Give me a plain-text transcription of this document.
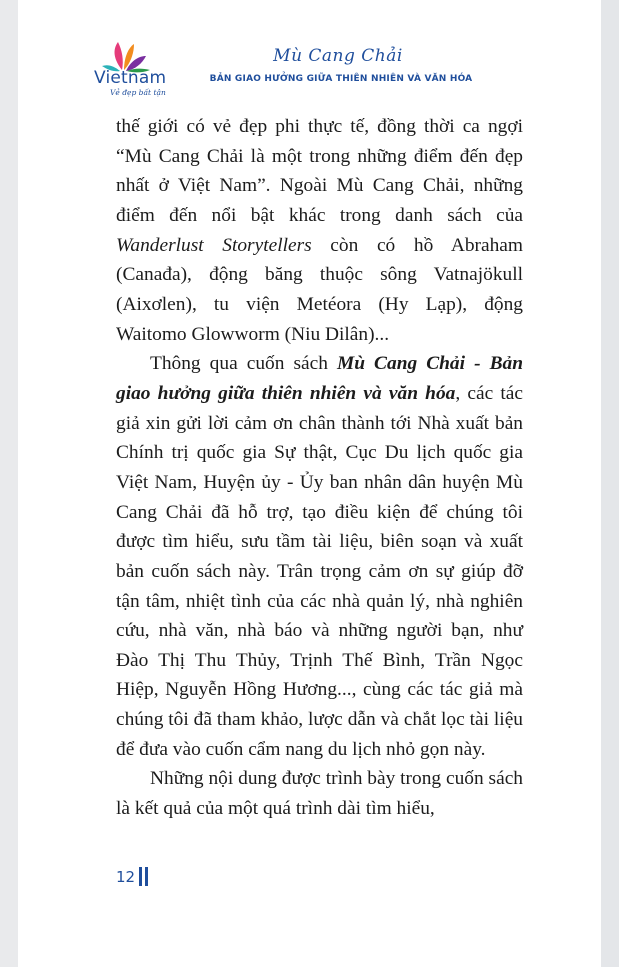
Vietnam
Vẻ đẹp bất tận
Mù Cang Chải
BẢN GIAO HƯỞNG GIỮA THIÊN NHIÊN VÀ VĂN HÓA

thế giới có vẻ đẹp phi thực tế, đồng thời ca ngợi “Mù Cang Chải là một trong những điểm đến đẹp nhất ở Việt Nam”. Ngoài Mù Cang Chải, những điểm đến nổi bật khác trong danh sách của Wanderlust Storytellers còn có hồ Abraham (Canađa), động băng thuộc sông Vatnajökull (Aixơlen), tu viện Metéora (Hy Lạp), động Waitomo Glowworm (Niu Dilân)...

Thông qua cuốn sách Mù Cang Chải - Bản giao hưởng giữa thiên nhiên và văn hóa, các tác giả xin gửi lời cảm ơn chân thành tới Nhà xuất bản Chính trị quốc gia Sự thật, Cục Du lịch quốc gia Việt Nam, Huyện ủy - Ủy ban nhân dân huyện Mù Cang Chải đã hỗ trợ, tạo điều kiện để chúng tôi được tìm hiểu, sưu tầm tài liệu, biên soạn và xuất bản cuốn sách này. Trân trọng cảm ơn sự giúp đỡ tận tâm, nhiệt tình của các nhà quản lý, nhà nghiên cứu, nhà văn, nhà báo và những người bạn, như Đào Thị Thu Thủy, Trịnh Thế Bình, Trần Ngọc Hiệp, Nguyễn Hồng Hương..., cùng các tác giả mà chúng tôi đã tham khảo, lược dẫn và chắt lọc tài liệu để đưa vào cuốn cẩm nang du lịch nhỏ gọn này.

Những nội dung được trình bày trong cuốn sách là kết quả của một quá trình dài tìm hiểu,

12
